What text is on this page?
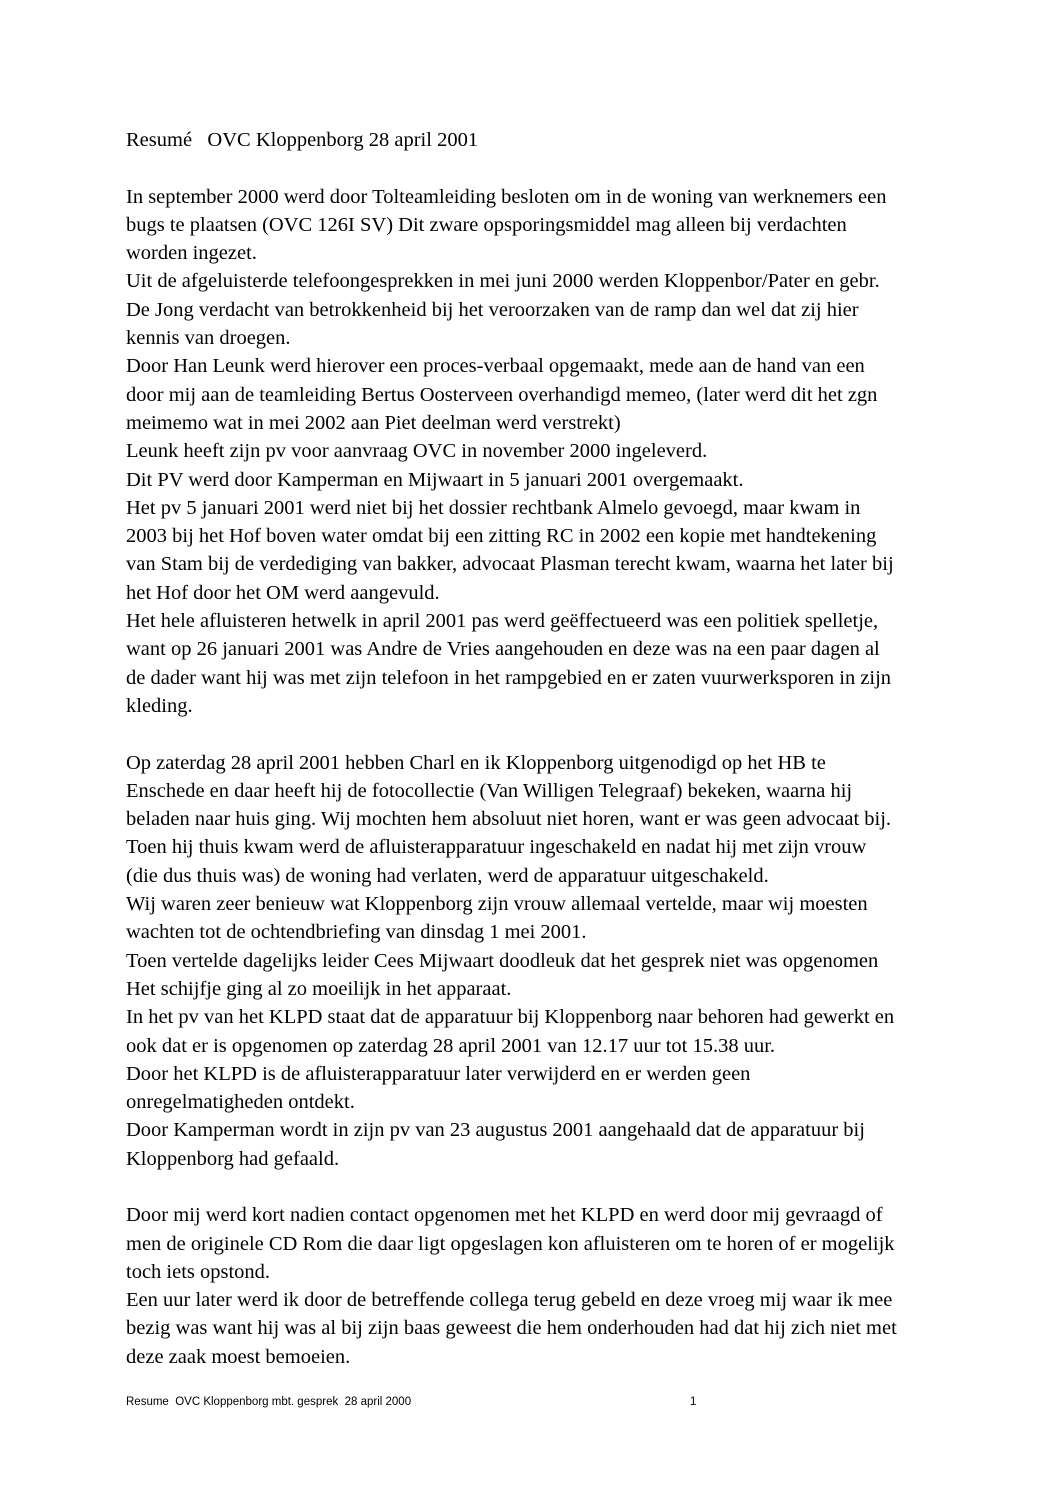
Resumé   OVC Kloppenborg 28 april 2001
In september 2000 werd door Tolteamleiding besloten om in de woning van werknemers een
bugs te plaatsen (OVC 126I SV) Dit zware opsporingsmiddel mag alleen bij verdachten
worden ingezet.
Uit de afgeluisterde telefoongesprekken in mei juni 2000 werden Kloppenbor/Pater en gebr.
De Jong verdacht van betrokkenheid bij het veroorzaken van de ramp dan wel dat zij hier
kennis van droegen.
Door Han Leunk werd hierover een proces-verbaal opgemaakt, mede aan de hand van een
door mij aan de teamleiding Bertus Oosterveen overhandigd memeo, (later werd dit het zgn
meimemo wat in mei 2002 aan Piet deelman werd verstrekt)
Leunk heeft zijn pv voor aanvraag OVC in november 2000 ingeleverd.
Dit PV werd door Kamperman en Mijwaart in 5 januari 2001 overgemaakt.
Het pv 5 januari 2001 werd niet bij het dossier rechtbank Almelo gevoegd, maar kwam in
2003 bij het Hof boven water omdat bij een zitting RC in 2002 een kopie met handtekening
van Stam bij de verdediging van bakker, advocaat Plasman terecht kwam, waarna het later bij
het Hof door het OM werd aangevuld.
Het hele afluisteren hetwelk in april 2001 pas werd geëffectueerd was een politiek spelletje,
want op 26 januari 2001 was Andre de Vries aangehouden en deze was na een paar dagen al
de dader want hij was met zijn telefoon in het rampgebied en er zaten vuurwerksporen in zijn
kleding.
Op zaterdag 28 april 2001 hebben Charl en ik Kloppenborg uitgenodigd op het HB te
Enschede en daar heeft hij de fotocollectie (Van Willigen Telegraaf) bekeken, waarna hij
beladen naar huis ging. Wij mochten hem absoluut niet horen, want er was geen advocaat bij.
Toen hij thuis kwam werd de afluisterapparatuur ingeschakeld en nadat hij met zijn vrouw
(die dus thuis was) de woning had verlaten, werd de apparatuur uitgeschakeld.
Wij waren zeer benieuw wat Kloppenborg zijn vrouw allemaal vertelde, maar wij moesten
wachten tot de ochtendbriefing van dinsdag 1 mei 2001.
Toen vertelde dagelijks leider Cees Mijwaart doodleuk dat het gesprek niet was opgenomen
Het schijfje ging al zo moeilijk in het apparaat.
In het pv van het KLPD staat dat de apparatuur bij Kloppenborg naar behoren had gewerkt en
ook dat er is opgenomen op zaterdag 28 april 2001 van 12.17 uur tot 15.38 uur.
Door het KLPD is de afluisterapparatuur later verwijderd en er werden geen
onregelmatigheden ontdekt.
Door Kamperman wordt in zijn pv van 23 augustus 2001 aangehaald dat de apparatuur bij
Kloppenborg had gefaald.
Door mij werd kort nadien contact opgenomen met het KLPD en werd door mij gevraagd of
men de originele CD Rom die daar ligt opgeslagen kon afluisteren om te horen of er mogelijk
toch iets opstond.
Een uur later werd ik door de betreffende collega terug gebeld en deze vroeg mij waar ik mee
bezig was want hij was al bij zijn baas geweest die hem onderhouden had dat hij zich niet met
deze zaak moest bemoeien.
Resume  OVC Kloppenborg mbt. gesprek  28 april 2000	1
